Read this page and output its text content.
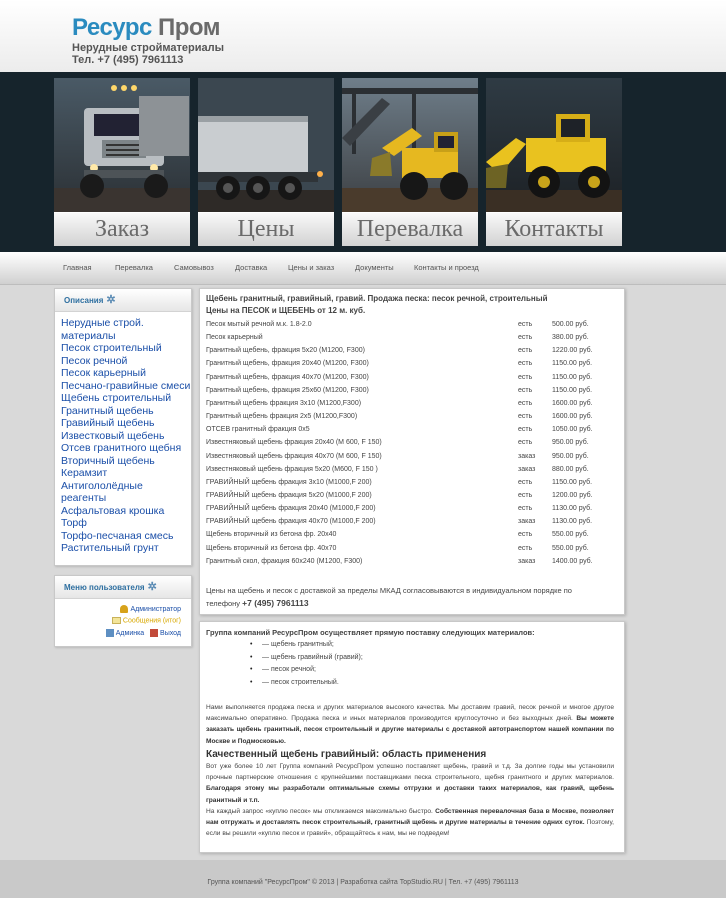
Ресурс Пром
Нерудные стройматериалы
Тел. +7 (495) 7961113
Заказ	Цены	Перевалка	Контакты
Главная	Перевалка	Самовывоз	Доставка	Цены и заказ	Документы	Контакты и проезд
Описания ✲
Нерудные строй.
материалы
Песок строительный
Песок речной
Песок карьерный
Песчано-гравийные смеси
Щебень строительный
Гранитный щебень
Гравийный щебень
Известковый щебень
Отсев гранитного щебня
Вторичный щебень
Керамзит
Антигололёдные
реагенты
Асфальтовая крошка
Торф
Торфо-песчаная смесь
Растительный грунт
Меню пользователя ✲
Администратор
Сообщения (итог)
Админка Выход
Щебень гранитный, гравийный, гравий. Продажа песка: песок речной, строительный
Цены на ПЕСОК и ЩЕБЕНЬ от 12 м. куб.
Песок мытый речной м.к. 1.8-2.0	есть	500.00 руб.
Песок карьерный	есть	380.00 руб.
Гранитный щебень, фракция 5х20 (М1200, F300)	есть	1220.00 руб.
Гранитный щебень, фракция 20х40 (М1200, F300)	есть	1150.00 руб.
Гранитный щебень, фракция 40х70 (М1200, F300)	есть	1150.00 руб.
Гранитный щебень, фракция 25х60 (М1200, F300)	есть	1150.00 руб.
Гранитный щебень фракция 3х10 (М1200,F300)	есть	1600.00 руб.
Гранитный щебень фракция 2х5 (М1200,F300)	есть	1600.00 руб.
ОТСЕВ гранитный фракция 0х5	есть	1050.00 руб.
Известняковый щебень фракция 20х40 (М 600, F 150)	есть	950.00 руб.
Известняковый щебень фракция 40х70 (М 600, F 150)	заказ 950.00 руб.
Известняковый щебень фракция 5х20 (М600, F 150 )	заказ 880.00 руб.
ГРАВИЙНЫЙ щебень фракция 3х10 (М1000,F 200)	есть	1150.00 руб.
ГРАВИЙНЫЙ щебень фракция 5х20 (М1000,F 200)	есть	1200.00 руб.
ГРАВИЙНЫЙ щебень фракция 20х40 (М1000,F 200)	есть	1130.00 руб.
ГРАВИЙНЫЙ щебень фракция 40х70 (М1000,F 200)	заказ 1130.00 руб.
Щебень вторичный из бетона фр. 20х40	есть	550.00 руб.
Щебень вторичный из бетона фр. 40х70	есть	550.00 руб.
Гранитный скол, фракция 60х240 (М1200, F300)	заказ 1400.00 руб.
Цены на щебень и песок с доставкой за пределы МКАД согласовываются в индивидуальном порядке по телефону +7 (495) 7961113
Группа компаний РесурсПром осуществляет прямую поставку следующих материалов:
• — щебень гранитный;
• — щебень гравийный (гравий);
• — песок речной;
• — песок строительный.
Нами выполняется продажа песка и других материалов высокого качества. Мы доставим гравий, песок речной и многое другое максимально оперативно. Продажа песка и иных материалов производится круглосуточно и без выходных дней. Вы можете заказать щебень гранитный, песок строительный и другие материалы с доставкой автотранспортом нашей компании по Москве и Подмосковью.
Качественный щебень гравийный: область применения
Вот уже более 10 лет Группа компаний РесурсПром успешно поставляет щебень, гравий и т.д. За долгие годы мы установили прочные партнерские отношения с крупнейшими поставщиками песка строительного, щебня гранитного и других материалов. Благодаря этому мы разработали оптимальные схемы отгрузки и доставки таких материалов, как гравий, щебень гранитный и т.п.
На каждый запрос «куплю песок» мы откликаемся максимально быстро. Собственная перевалочная база в Москве, позволяет нам отгружать и доставлять песок строительный, гранитный щебень и другие материалы в течение одних суток. Поэтому, если вы решили «куплю песок и гравий», обращайтесь к нам, мы не подведем!
Группа компаний "РесурсПром" © 2013 | Разработка сайта TopStudio.RU | Тел. +7 (495) 7961113
